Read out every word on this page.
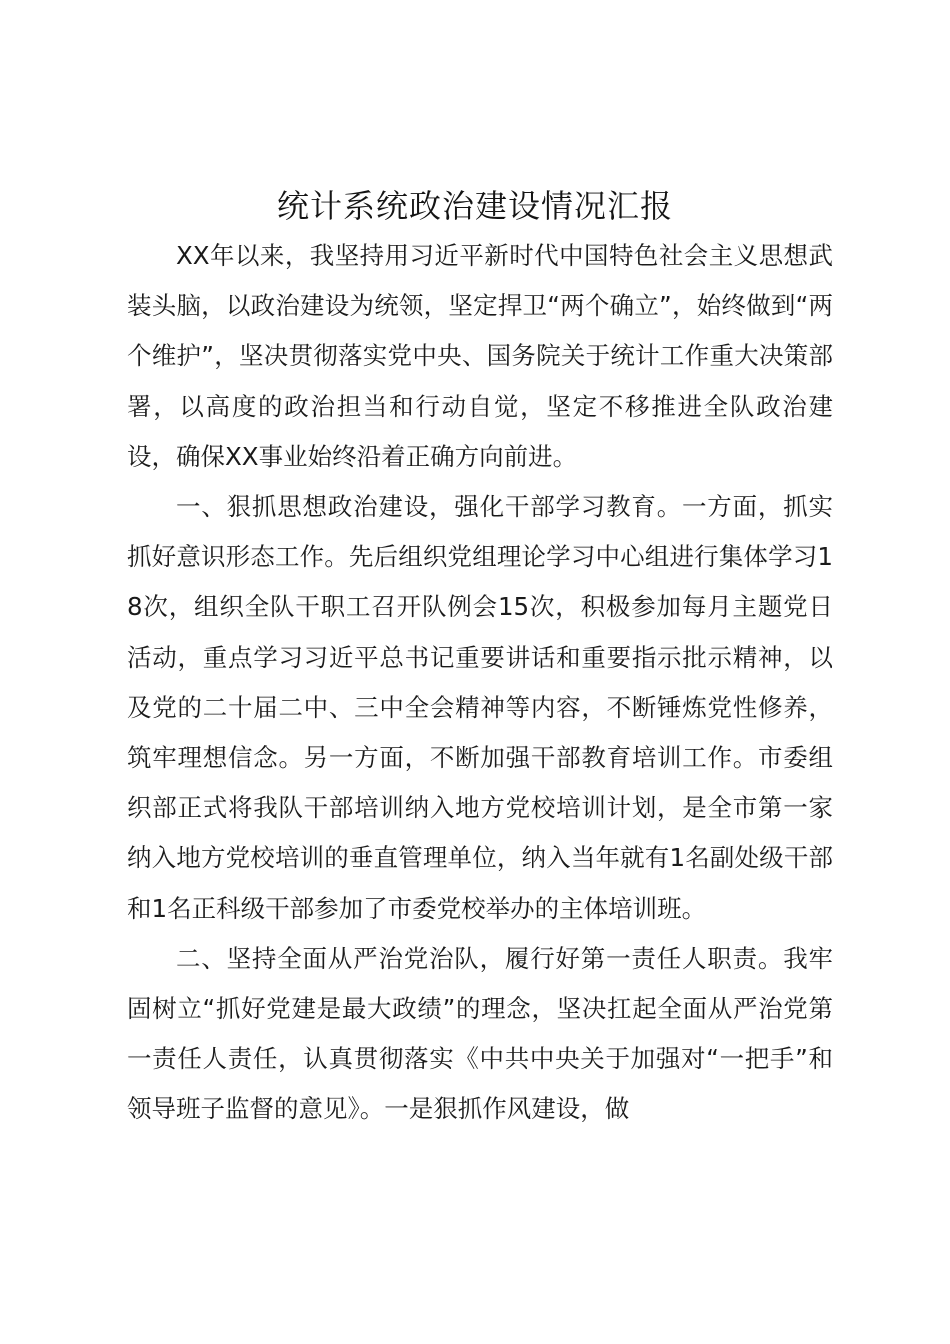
统计系统政治建设情况汇报

XX年以来，我坚持用习近平新时代中国特色社会主义思想武装头脑，以政治建设为统领，坚定捍卫“两个确立”，始终做到“两个维护”，坚决贯彻落实党中央、国务院关于统计工作重大决策部署，以高度的政治担当和行动自觉，坚定不移推进全队政治建设，确保XX事业始终沿着正确方向前进。

一、狠抓思想政治建设，强化干部学习教育。一方面，抓实抓好意识形态工作。先后组织党组理论学习中心组进行集体学习18次，组织全队干职工召开队例会15次，积极参加每月主题党日活动，重点学习习近平总书记重要讲话和重要指示批示精神，以及党的二十届二中、三中全会精神等内容，不断锤炼党性修养，筑牢理想信念。另一方面，不断加强干部教育培训工作。市委组织部正式将我队干部培训纳入地方党校培训计划，是全市第一家纳入地方党校培训的垂直管理单位，纳入当年就有1名副处级干部和1名正科级干部参加了市委党校举办的主体培训班。

二、坚持全面从严治党治队，履行好第一责任人职责。我牢固树立“抓好党建是最大政绩”的理念，坚决扛起全面从严治党第一责任人责任，认真贯彻落实《中共中央关于加强对“一把手”和领导班子监督的意见》。一是狠抓作风建设，做
